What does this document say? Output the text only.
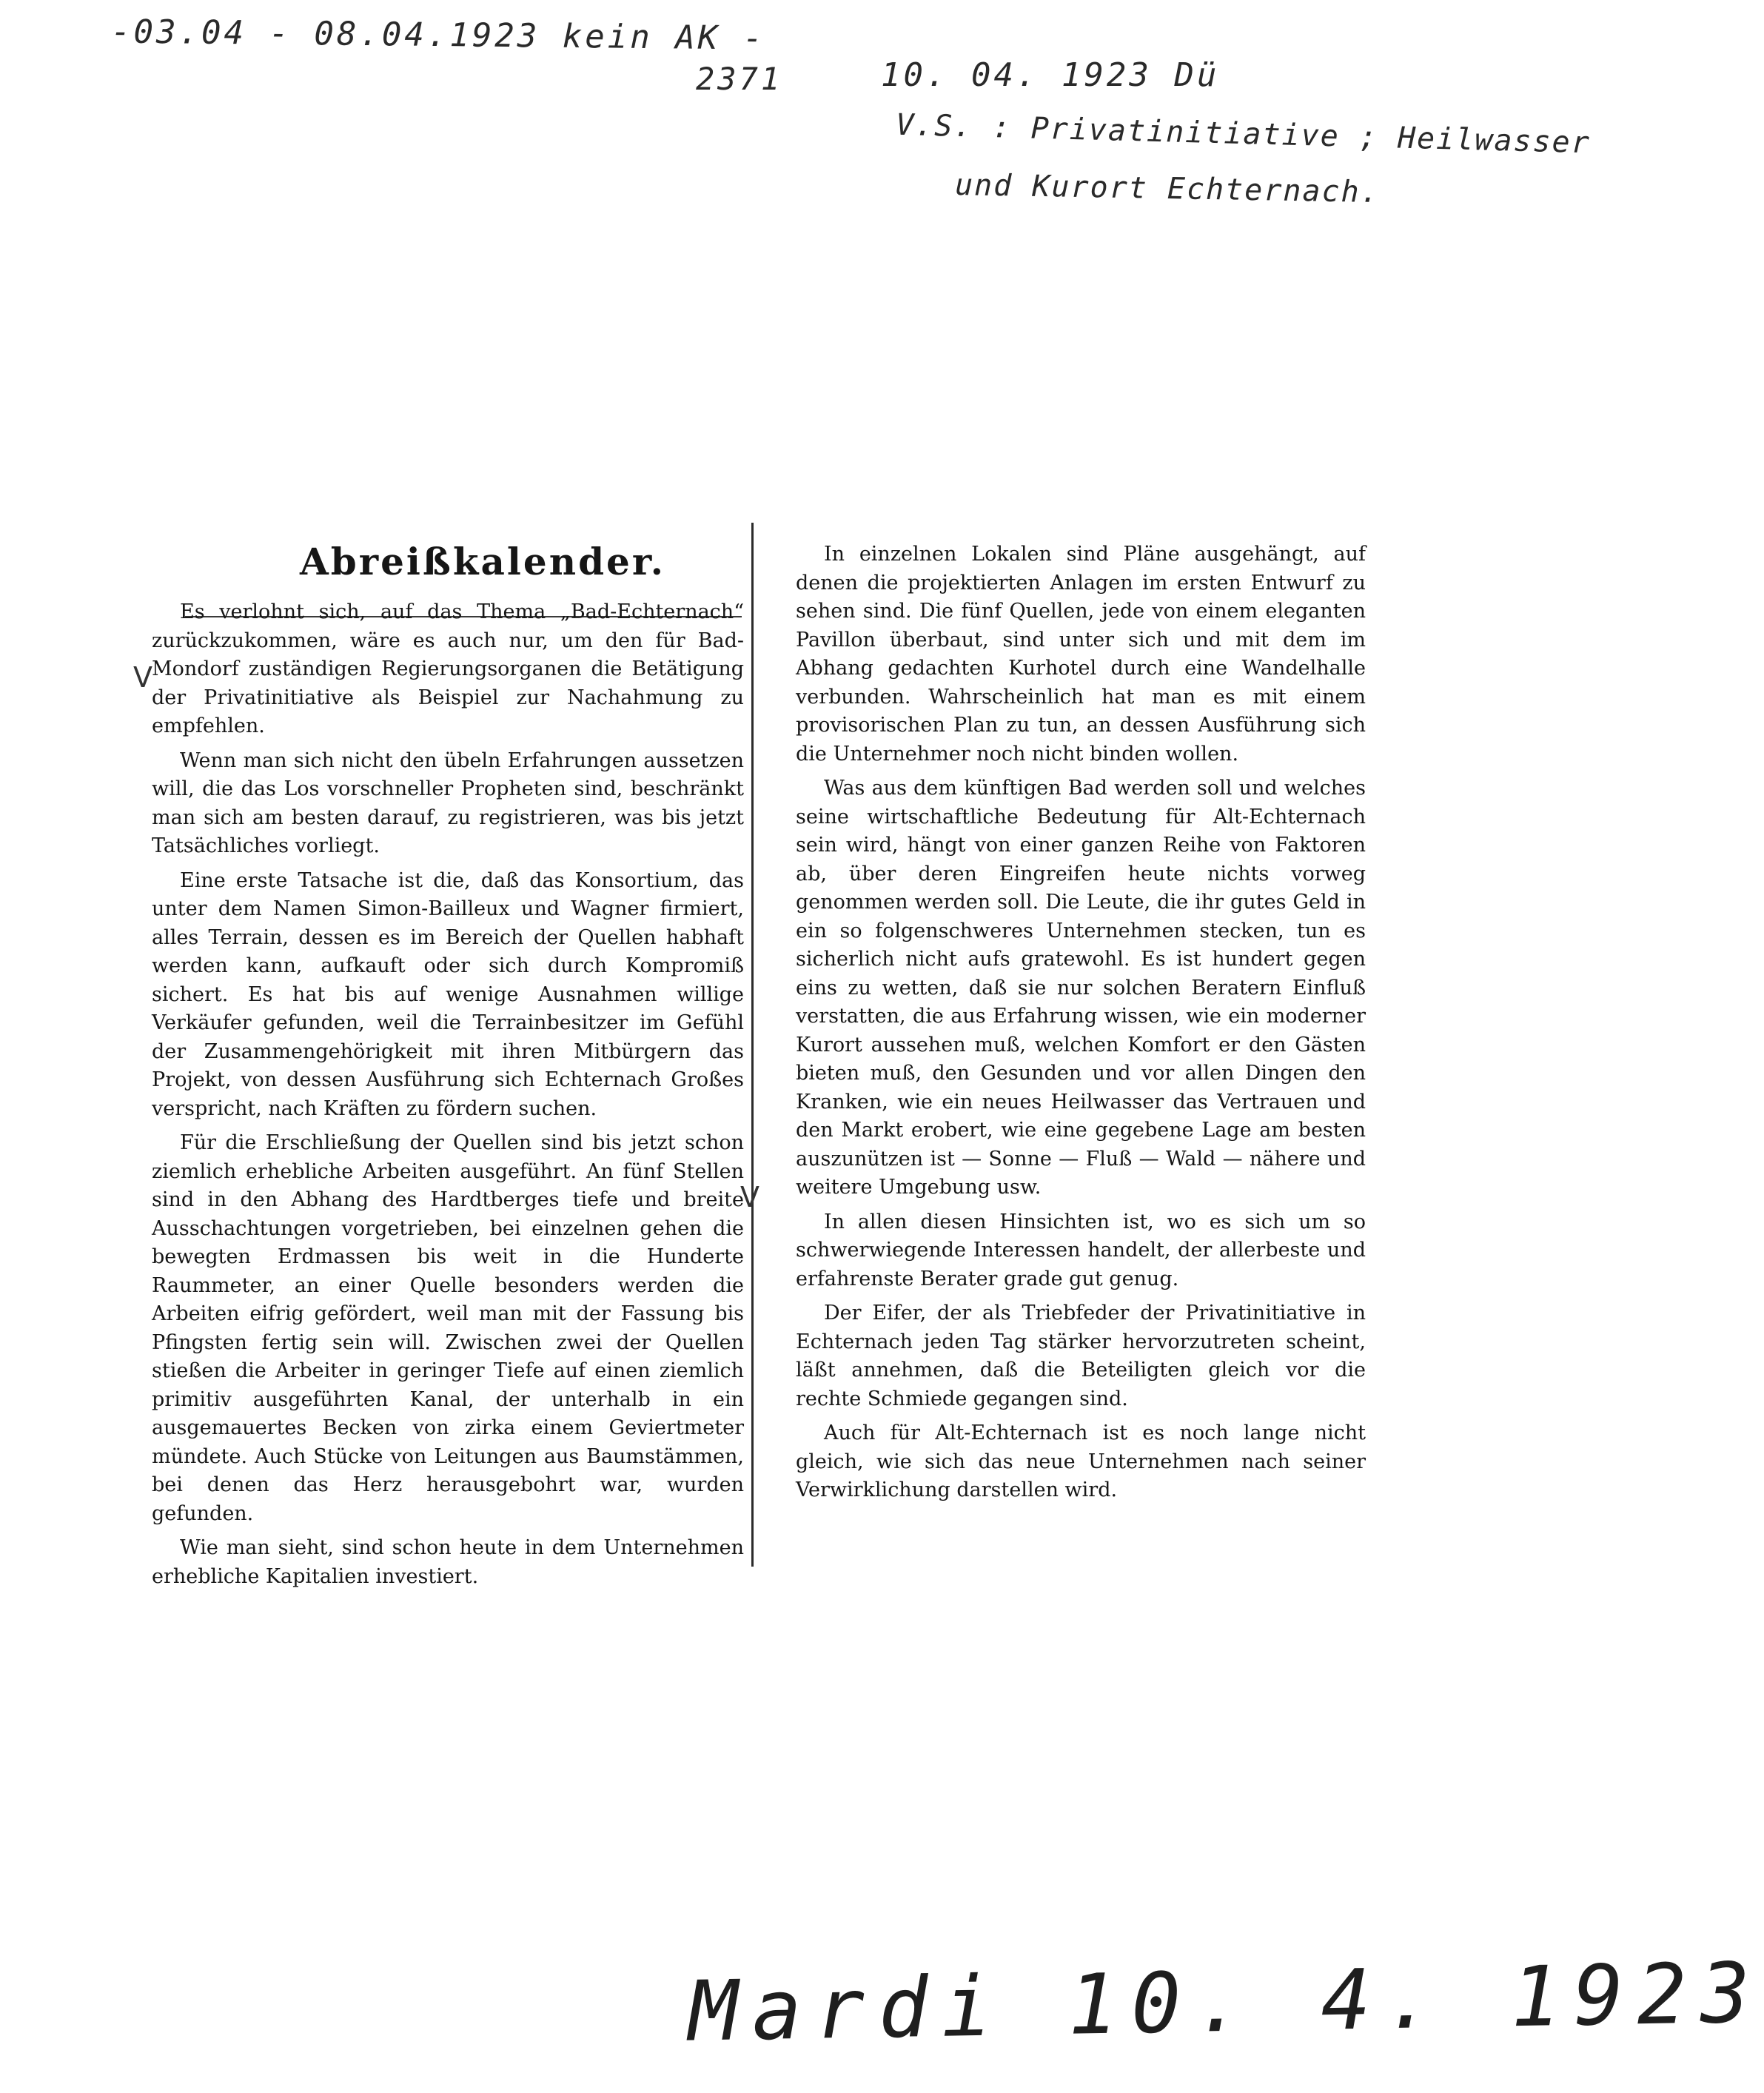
-03.04 - 08.04.1923 kein AK -
2371	10. 04. 1923 Dü
V.S. : Privatinitiative ; Heilwasser
und Kurort Echternach.
V
V
Abreißkalender.

Es verlohnt sich, auf das Thema „Bad-Echternach“ zurückzukommen, wäre es auch nur, um den für Bad-Mondorf zuständigen Regierungsorganen die Betätigung der Privatinitiative als Beispiel zur Nachahmung zu empfehlen.

Wenn man sich nicht den übeln Erfahrungen aussetzen will, die das Los vorschneller Propheten sind, beschränkt man sich am besten darauf, zu registrieren, was bis jetzt Tatsächliches vorliegt.

Eine erste Tatsache ist die, daß das Konsortium, das unter dem Namen Simon-Bailleux und Wagner firmiert, alles Terrain, dessen es im Bereich der Quellen habhaft werden kann, aufkauft oder sich durch Kompromiß sichert. Es hat bis auf wenige Ausnahmen willige Verkäufer gefunden, weil die Terrainbesitzer im Gefühl der Zusammengehörigkeit mit ihren Mitbürgern das Projekt, von dessen Ausführung sich Echternach Großes verspricht, nach Kräften zu fördern suchen.

Für die Erschließung der Quellen sind bis jetzt schon ziemlich erhebliche Arbeiten ausgeführt. An fünf Stellen sind in den Abhang des Hardtberges tiefe und breite Ausschachtungen vorgetrieben, bei einzelnen gehen die bewegten Erdmassen bis weit in die Hunderte Raummeter, an einer Quelle besonders werden die Arbeiten eifrig gefördert, weil man mit der Fassung bis Pfingsten fertig sein will. Zwischen zwei der Quellen stießen die Arbeiter in geringer Tiefe auf einen ziemlich primitiv ausgeführten Kanal, der unterhalb in ein ausgemauertes Becken von zirka einem Geviertmeter mündete. Auch Stücke von Leitungen aus Baumstämmen, bei denen das Herz herausgebohrt war, wurden gefunden.

Wie man sieht, sind schon heute in dem Unternehmen erhebliche Kapitalien investiert.

In einzelnen Lokalen sind Pläne ausgehängt, auf denen die projektierten Anlagen im ersten Entwurf zu sehen sind. Die fünf Quellen, jede von einem eleganten Pavillon überbaut, sind unter sich und mit dem im Abhang gedachten Kurhotel durch eine Wandelhalle verbunden. Wahrscheinlich hat man es mit einem provisorischen Plan zu tun, an dessen Ausführung sich die Unternehmer noch nicht binden wollen.

Was aus dem künftigen Bad werden soll und welches seine wirtschaftliche Bedeutung für Alt-Echternach sein wird, hängt von einer ganzen Reihe von Faktoren ab, über deren Eingreifen heute nichts vorweg genommen werden soll. Die Leute, die ihr gutes Geld in ein so folgenschweres Unternehmen stecken, tun es sicherlich nicht aufs gratewohl. Es ist hundert gegen eins zu wetten, daß sie nur solchen Beratern Einfluß verstatten, die aus Erfahrung wissen, wie ein moderner Kurort aussehen muß, welchen Komfort er den Gästen bieten muß, den Gesunden und vor allen Dingen den Kranken, wie ein neues Heilwasser das Vertrauen und den Markt erobert, wie eine gegebene Lage am besten auszunützen ist — Sonne — Fluß — Wald — nähere und weitere Umgebung usw.

In allen diesen Hinsichten ist, wo es sich um so schwerwiegende Interessen handelt, der allerbeste und erfahrenste Berater grade gut genug.

Der Eifer, der als Triebfeder der Privatinitiative in Echternach jeden Tag stärker hervorzutreten scheint, läßt annehmen, daß die Beteiligten gleich vor die rechte Schmiede gegangen sind.

Auch für Alt-Echternach ist es noch lange nicht gleich, wie sich das neue Unternehmen nach seiner Verwirklichung darstellen wird.

Mardi 10. 4. 1923
